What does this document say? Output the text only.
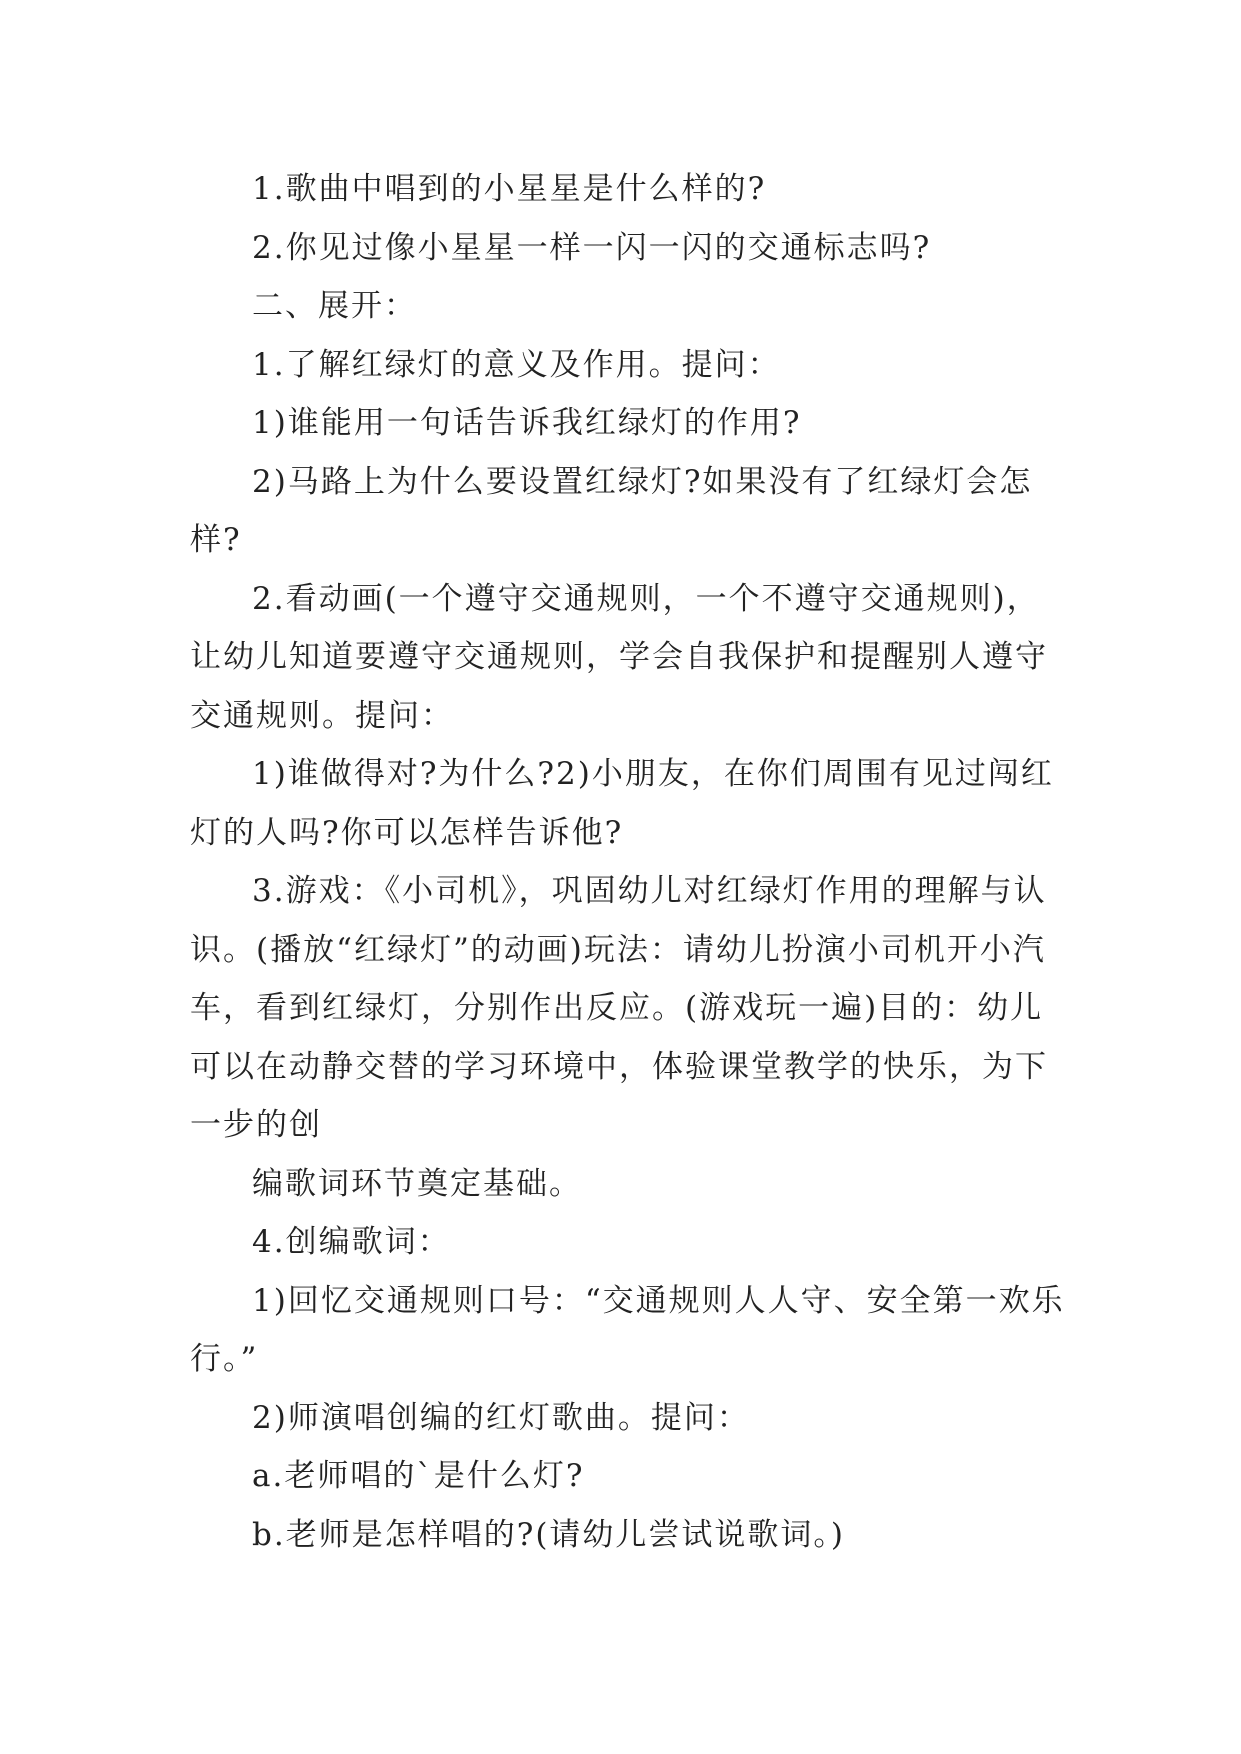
1.歌曲中唱到的小星星是什么样的?

2.你见过像小星星一样一闪一闪的交通标志吗?

二、展开：

1.了解红绿灯的意义及作用。提问：

1)谁能用一句话告诉我红绿灯的作用?

2)马路上为什么要设置红绿灯?如果没有了红绿灯会怎样?

2.看动画(一个遵守交通规则，一个不遵守交通规则)，让幼儿知道要遵守交通规则，学会自我保护和提醒别人遵守交通规则。提问：

1)谁做得对?为什么?2)小朋友，在你们周围有见过闯红灯的人吗?你可以怎样告诉他?

3.游戏：《小司机》，巩固幼儿对红绿灯作用的理解与认识。(播放“红绿灯”的动画)玩法：请幼儿扮演小司机开小汽车，看到红绿灯，分别作出反应。(游戏玩一遍)目的：幼儿可以在动静交替的学习环境中，体验课堂教学的快乐，为下一步的创

编歌词环节奠定基础。

4.创编歌词：

1)回忆交通规则口号：“交通规则人人守、安全第一欢乐行。”

2)师演唱创编的红灯歌曲。提问：

a.老师唱的`是什么灯?

b.老师是怎样唱的?(请幼儿尝试说歌词。)
